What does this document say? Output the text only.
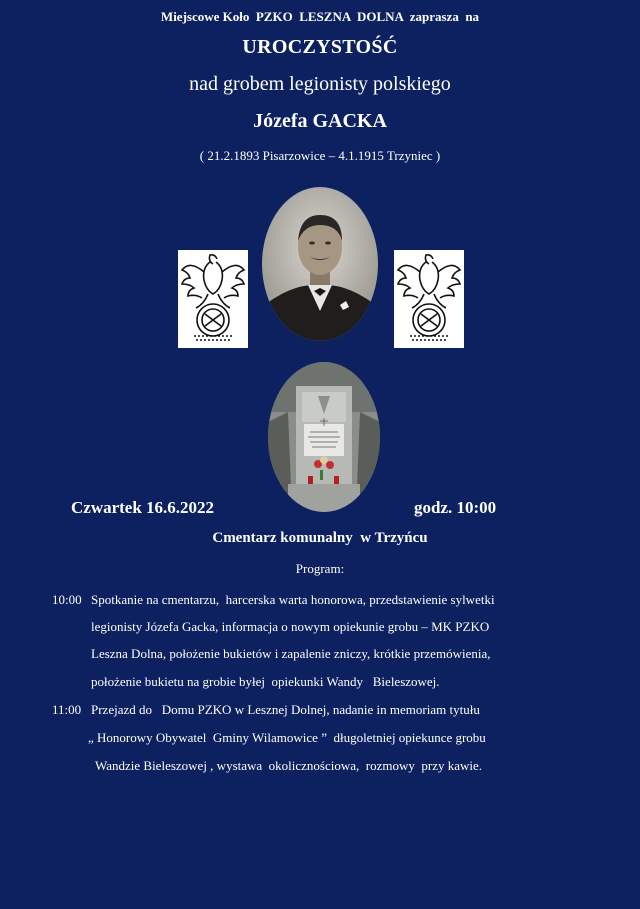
Miejscowe Koło  PZKO  LESZNA  DOLNA  zaprasza  na
UROCZYSTOŚĆ
nad grobem legionisty polskiego
Józefa GACKA
( 21.2.1893 Pisarzowice – 4.1.1915 Trzyniec )
Czwartek 16.6.2022	godz. 10:00
Cmentarz komunalny  w Trzyńcu
Program:
10:00 Spotkanie na cmentarzu,  harcerska warta honorowa, przedstawienie sylwetki
legionisty Józefa Gacka, informacja o nowym opiekunie grobu – MK PZKO
Leszna Dolna, położenie bukietów i zapalenie zniczy, krótkie przemówienia,
położenie bukietu na grobie byłej  opiekunki Wandy   Bieleszowej.
11:00 Przejazd do   Domu PZKO w Lesznej Dolnej, nadanie in memoriam tytułu
„ Honorowy Obywatel  Gminy Wilamowice ”  długoletniej opiekunce grobu
Wandzie Bieleszowej , wystawa  okolicznościowa,  rozmowy  przy kawie.
